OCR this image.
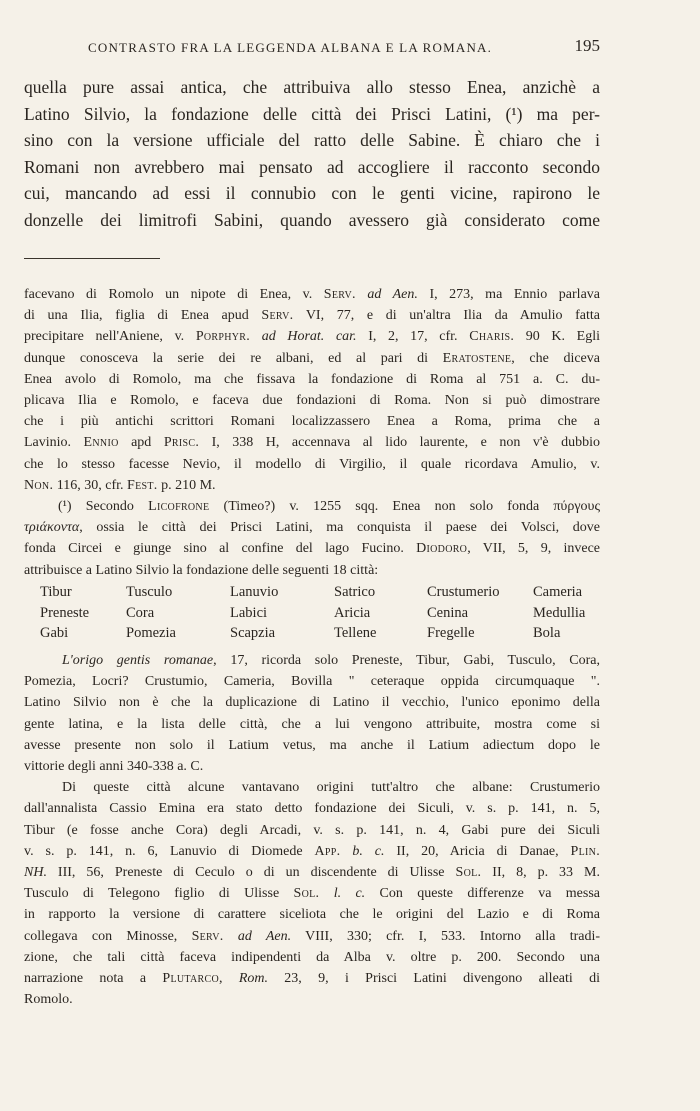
CONTRASTO FRA LA LEGGENDA ALBANA E LA ROMANA.	195
quella pure assai antica, che attribuiva allo stesso Enea, anzichè a
Latino Silvio, la fondazione delle città dei Prisci Latini, (¹) ma per-
sino con la versione ufficiale del ratto delle Sabine. È chiaro che i
Romani non avrebbero mai pensato ad accogliere il racconto secondo
cui, mancando ad essi il connubio con le genti vicine, rapirono le
donzelle dei limitrofi Sabini, quando avessero già considerato come
facevano di Romolo un nipote di Enea, v. Serv. ad Aen. I, 273, ma Ennio parlava
di una Ilia, figlia di Enea apud Serv. VI, 77, e di un'altra Ilia da Amulio fatta
precipitare nell'Aniene, v. Porphyr. ad Horat. car. I, 2, 17, cfr. Charis. 90 K. Egli
dunque conosceva la serie dei re albani, ed al pari di Eratostene, che diceva
Enea avolo di Romolo, ma che fissava la fondazione di Roma al 751 a. C. du-
plicava Ilia e Romolo, e faceva due fondazioni di Roma. Non si può dimostrare
che i più antichi scrittori Romani localizzassero Enea a Roma, prima che a
Lavinio. Ennio apd Prisc. I, 338 H, accennava al lido laurente, e non v'è dubbio
che lo stesso facesse Nevio, il modello di Virgilio, il quale ricordava Amulio, v.
Non. 116, 30, cfr. Fest. p. 210 M.
(¹) Secondo Licofrone (Timeo?) v. 1255 sqq. Enea non solo fonda πύργους
τριάκοντα, ossia le città dei Prisci Latini, ma conquista il paese dei Volsci, dove
fonda Circei e giunge sino al confine del lago Fucino. Diodoro, VII, 5, 9, invece
attribuisce a Latino Silvio la fondazione delle seguenti 18 città:
Tibur	Tusculo	Lanuvio	Satrico	Crustumerio	Cameria
Preneste	Cora	Labici	Aricia	Cenina	Medullia
Gabi	Pomezia	Scapzia	Tellene	Fregelle	Bola
L'origo gentis romanae, 17, ricorda solo Preneste, Tibur, Gabi, Tusculo, Cora,
Pomezia, Locri? Crustumio, Cameria, Bovilla " ceteraque oppida circumquaque ".
Latino Silvio non è che la duplicazione di Latino il vecchio, l'unico eponimo della
gente latina, e la lista delle città, che a lui vengono attribuite, mostra come si
avesse presente non solo il Latium vetus, ma anche il Latium adiectum dopo le
vittorie degli anni 340-338 a. C.
Di queste città alcune vantavano origini tutt'altro che albane: Crustumerio
dall'annalista Cassio Emina era stato detto fondazione dei Siculi, v. s. p. 141, n. 5,
Tibur (e fosse anche Cora) degli Arcadi, v. s. p. 141, n. 4, Gabi pure dei Siculi
v. s. p. 141, n. 6, Lanuvio di Diomede App. b. c. II, 20, Aricia di Danae, Plin.
NH. III, 56, Preneste di Ceculo o di un discendente di Ulisse Sol. II, 8, p. 33 M.
Tusculo di Telegono figlio di Ulisse Sol. l. c. Con queste differenze va messa
in rapporto la versione di carattere siceliota che le origini del Lazio e di Roma
collegava con Minosse, Serv. ad Aen. VIII, 330; cfr. I, 533. Intorno alla tradi-
zione, che tali città faceva indipendenti da Alba v. oltre p. 200. Secondo una
narrazione nota a Plutarco, Rom. 23, 9, i Prisci Latini divengono alleati di
Romolo.
